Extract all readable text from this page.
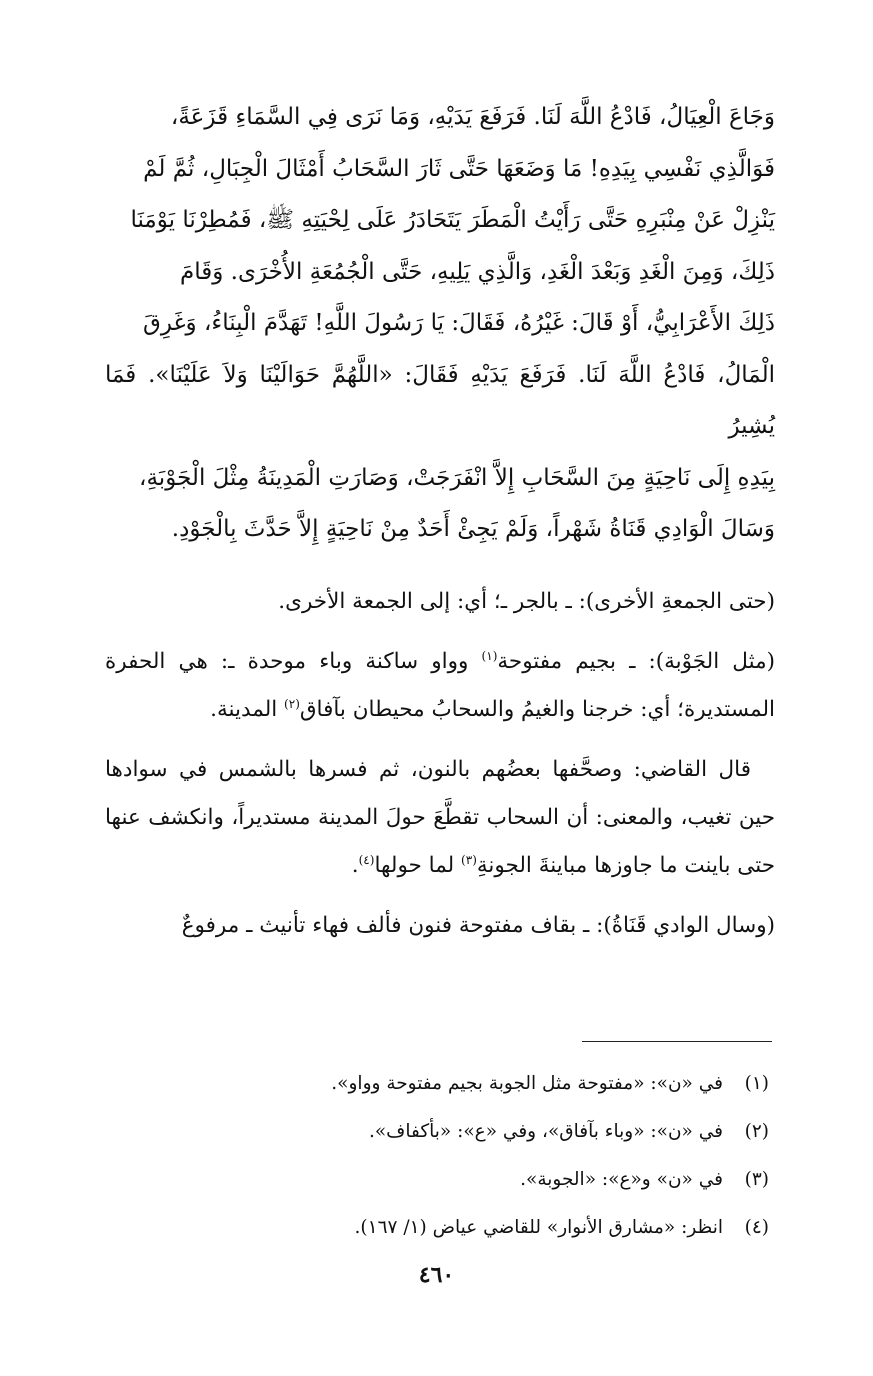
وَجَاعَ الْعِيَالُ، فَادْعُ اللَّهَ لَنَا. فَرَفَعَ يَدَيْهِ، وَمَا نَرَى فِي السَّمَاءِ قَزَعَةً،

فَوَالَّذِي نَفْسِي بِيَدِهِ! مَا وَضَعَهَا حَتَّى ثَارَ السَّحَابُ أَمْثَالَ الْجِبَالِ، ثُمَّ لَمْ

يَنْزِلْ عَنْ مِنْبَرِهِ حَتَّى رَأَيْتُ الْمَطَرَ يَتَحَادَرُ عَلَى لِحْيَتِهِ ﷺ، فَمُطِرْنَا يَوْمَنَا

ذَلِكَ، وَمِنَ الْغَدِ وَبَعْدَ الْغَدِ، وَالَّذِي يَلِيهِ، حَتَّى الْجُمُعَةِ الأُخْرَى. وَقَامَ

ذَلِكَ الأَعْرَابِيُّ، أَوْ قَالَ: غَيْرُهُ، فَقَالَ: يَا رَسُولَ اللَّهِ! تَهَدَّمَ الْبِنَاءُ، وَغَرِقَ

الْمَالُ، فَادْعُ اللَّهَ لَنَا. فَرَفَعَ يَدَيْهِ فَقَالَ: «اللَّهُمَّ حَوَالَيْنَا وَلاَ عَلَيْنَا». فَمَا يُشِيرُ

بِيَدِهِ إِلَى نَاحِيَةٍ مِنَ السَّحَابِ إِلاَّ انْفَرَجَتْ، وَصَارَتِ الْمَدِينَةُ مِثْلَ الْجَوْبَةِ،

وَسَالَ الْوَادِي قَنَاةُ شَهْراً، وَلَمْ يَجِئْ أَحَدٌ مِنْ نَاحِيَةٍ إِلاَّ حَدَّثَ بِالْجَوْدِ.

(حتى الجمعةِ الأخرى): ـ بالجر ـ؛ أي: إلى الجمعة الأخرى.

(مثل الجَوْبة): ـ بجيم مفتوحة$^{(١)}$ وواو ساكنة وباء موحدة ـ: هي الحفرة المستديرة؛ أي: خرجنا والغيمُ والسحابُ محيطان بآفاق$^{(٢)}$ المدينة.

قال القاضي: وصحَّفها بعضُهم بالنون، ثم فسرها بالشمس في سوادها حين تغيب، والمعنى: أن السحاب تقطَّعَ حولَ المدينة مستديراً، وانكشف عنها حتى باينت ما جاوزها مباينةَ الجونةِ$^{(٣)}$ لما حولها$^{(٤)}$.

(وسال الوادي قَنَاةُ): ـ بقاف مفتوحة فنون فألف فهاء تأنيث ـ مرفوعٌ

(١)في «ن»: «مفتوحة مثل الجوبة بجيم مفتوحة وواو».
(٢)في «ن»: «وباء بآفاق»، وفي «ع»: «بأكفاف».
(٣)في «ن» و«ع»: «الجوبة».
(٤)انظر: «مشارق الأنوار» للقاضي عياض (١/ ١٦٧).
٤٦٠
